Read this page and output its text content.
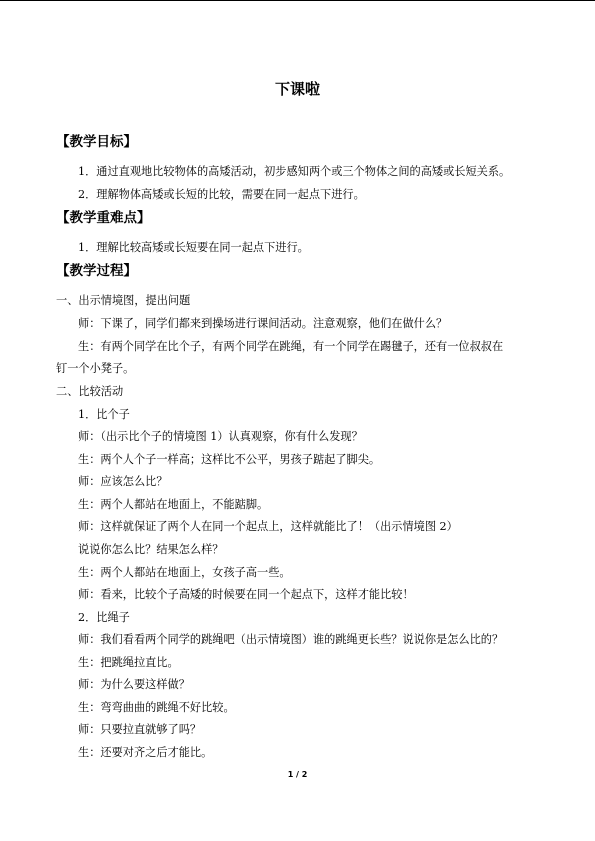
下课啦
【教学目标】
1．通过直观地比较物体的高矮活动，初步感知两个或三个物体之间的高矮或长短关系。
2．理解物体高矮或长短的比较，需要在同一起点下进行。
【教学重难点】
1．理解比较高矮或长短要在同一起点下进行。
【教学过程】
一、出示情境图，提出问题
师：下课了，同学们都来到操场进行课间活动。注意观察，他们在做什么？
生：有两个同学在比个子，有两个同学在跳绳，有一个同学在踢毽子，还有一位叔叔在
钉一个小凳子。
二、比较活动
1．比个子
师：（出示比个子的情境图 1）认真观察，你有什么发现？
生：两个人个子一样高；这样比不公平，男孩子踮起了脚尖。
师：应该怎么比？
生：两个人都站在地面上，不能踮脚。
师：这样就保证了两个人在同一个起点上，这样就能比了！（出示情境图 2）
说说你怎么比？结果怎么样？
生：两个人都站在地面上，女孩子高一些。
师：看来，比较个子高矮的时候要在同一个起点下，这样才能比较！
2．比绳子
师：我们看看两个同学的跳绳吧（出示情境图）谁的跳绳更长些？说说你是怎么比的？
生：把跳绳拉直比。
师：为什么要这样做？
生：弯弯曲曲的跳绳不好比较。
师：只要拉直就够了吗？
生：还要对齐之后才能比。
1 / 2
